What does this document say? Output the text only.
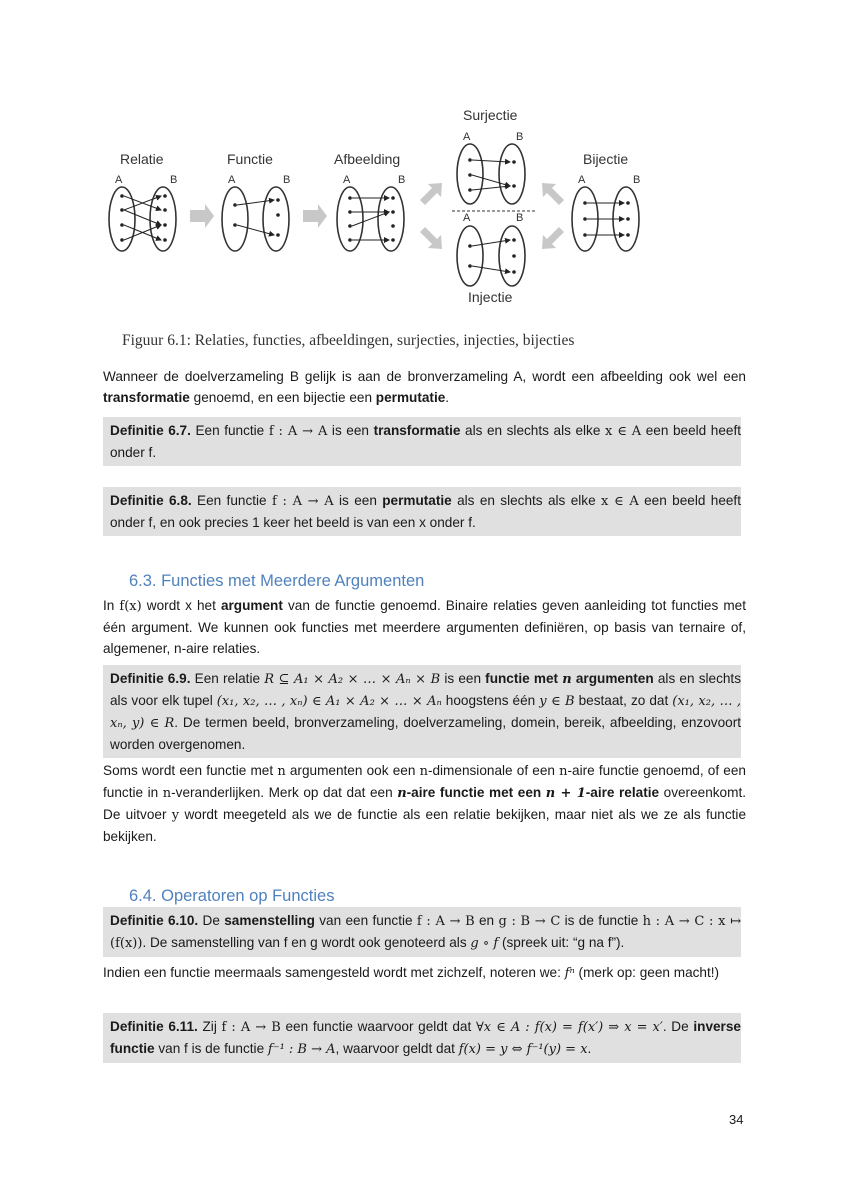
Relatie	Functie	Afbeelding
Surjectie
Bijectie
Injectie
A	B	A	B	A	B
A	B
A	B
A	B
Figuur 6.1: Relaties, functies, afbeeldingen, surjecties, injecties, bijecties
Wanneer de doelverzameling B gelijk is aan de bronverzameling A, wordt een afbeelding ook wel een transformatie genoemd, en een bijectie een permutatie.
Definitie 6.7. Een functie f : A → A is een transformatie als en slechts als elke x ∈ A een beeld heeft onder f.
Definitie 6.8. Een functie f : A → A is een permutatie als en slechts als elke x ∈ A een beeld heeft onder f, en ook precies 1 keer het beeld is van een x onder f.
6.3. Functies met Meerdere Argumenten
In f(x) wordt x het argument van de functie genoemd. Binaire relaties geven aanleiding tot functies met één argument. We kunnen ook functies met meerdere argumenten definiëren, op basis van ternaire of, algemener, n-aire relaties.
Definitie 6.9. Een relatie R ⊆ A₁ × A₂ × … × Aₙ × B is een functie met n argumenten als en slechts als voor elk tupel (x₁, x₂, … , xₙ) ∈ A₁ × A₂ × … × Aₙ hoogstens één y ∈ B bestaat, zo dat (x₁, x₂, … , xₙ, y) ∈ R. De termen beeld, bronverzameling, doelverzameling, domein, bereik, afbeelding, enzovoort worden overgenomen.
Soms wordt een functie met n argumenten ook een n-dimensionale of een n-aire functie genoemd, of een functie in n-veranderlijken. Merk op dat dat een n-aire functie met een n + 1-aire relatie overeenkomt. De uitvoer y wordt meegeteld als we de functie als een relatie bekijken, maar niet als we ze als functie bekijken.
6.4. Operatoren op Functies
Definitie 6.10. De samenstelling van een functie f : A → B en g : B → C is de functie h : A → C : x ↦ (f(x)). De samenstelling van f en g wordt ook genoteerd als g ∘ f (spreek uit: “g na f”).
Indien een functie meermaals samengesteld wordt met zichzelf, noteren we: fⁿ (merk op: geen macht!)
Definitie 6.11. Zij f : A → B een functie waarvoor geldt dat ∀x ∈ A : f(x) = f(x′) ⇒ x = x′. De inverse functie van f is de functie f⁻¹ : B → A, waarvoor geldt dat f(x) = y ⇔ f⁻¹(y) = x.
34
